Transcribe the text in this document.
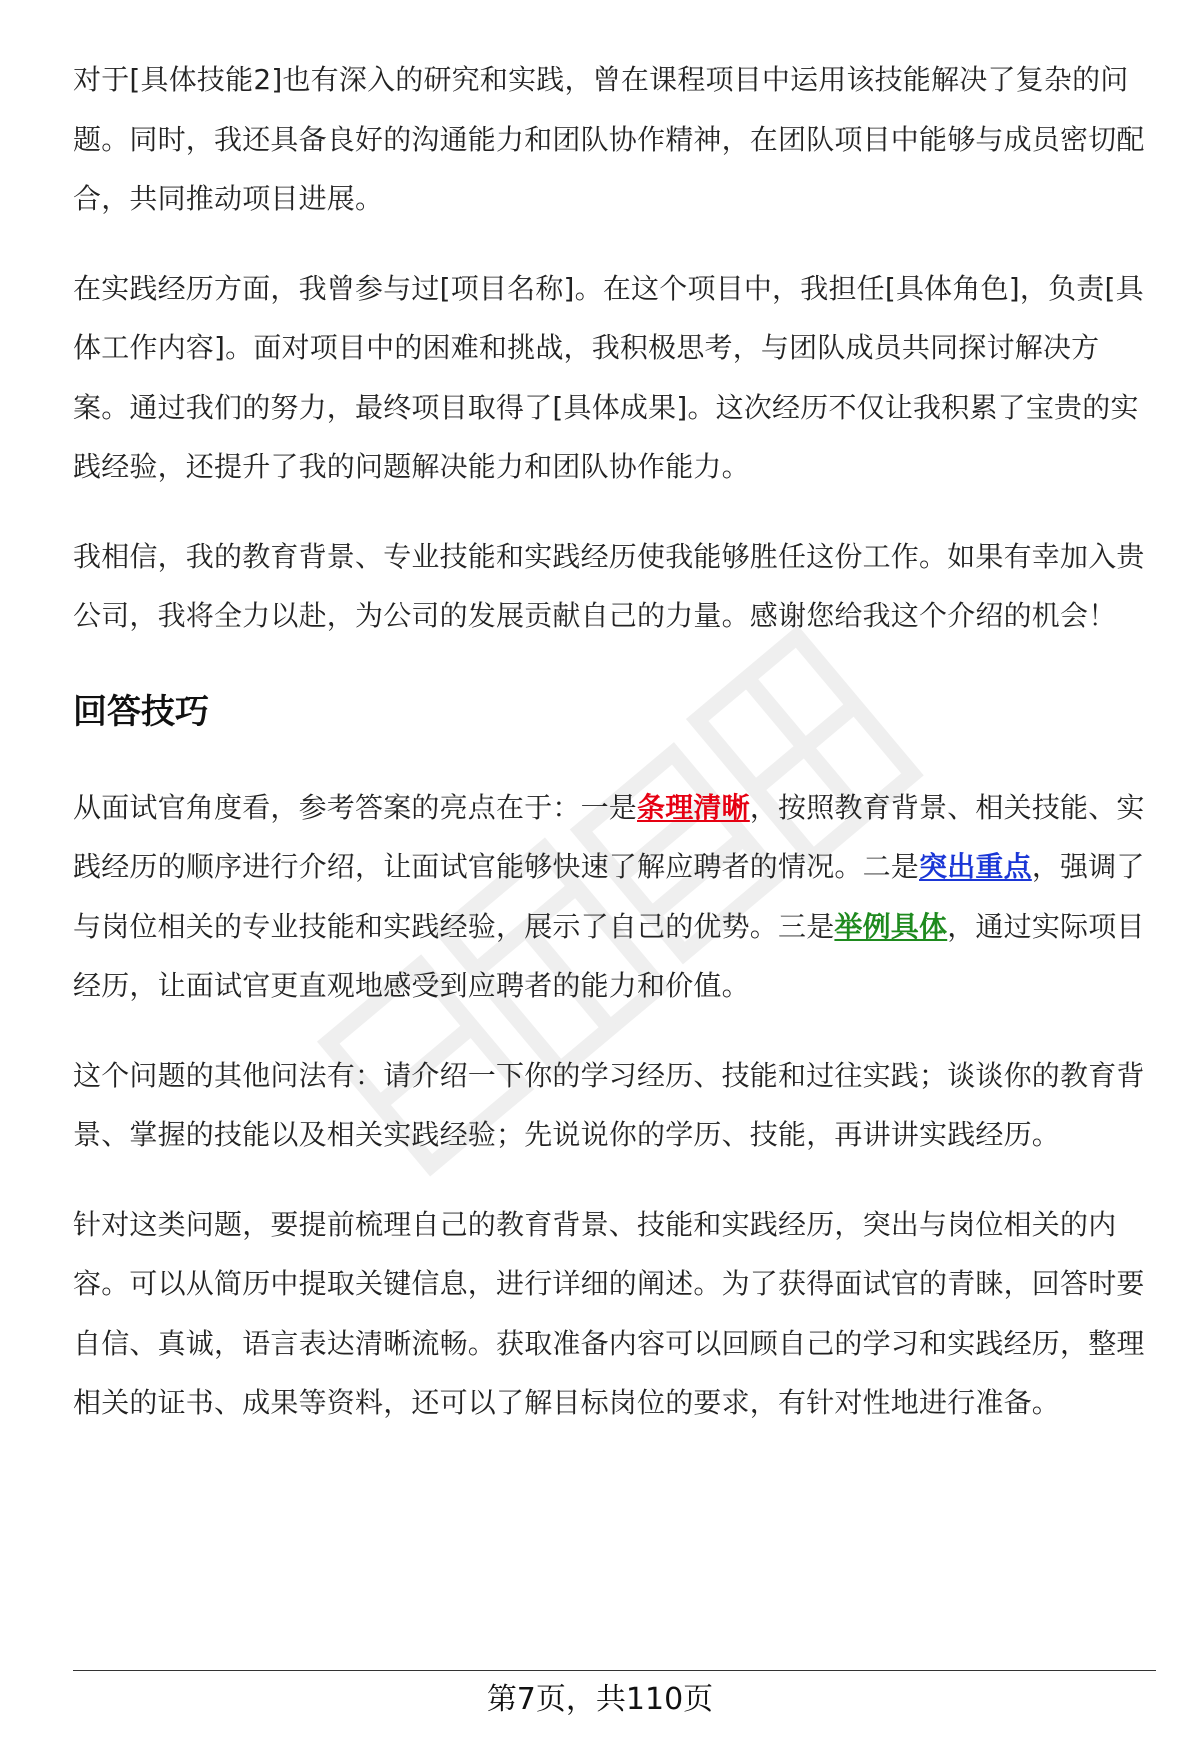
对于[具体技能2]也有深入的研究和实践，曾在课程项目中运用该技能解决了复杂的问题。同时，我还具备良好的沟通能力和团队协作精神，在团队项目中能够与成员密切配合，共同推动项目进展。

在实践经历方面，我曾参与过[项目名称]。在这个项目中，我担任[具体角色]，负责[具体工作内容]。面对项目中的困难和挑战，我积极思考，与团队成员共同探讨解决方案。通过我们的努力，最终项目取得了[具体成果]。这次经历不仅让我积累了宝贵的实践经验，还提升了我的问题解决能力和团队协作能力。

我相信，我的教育背景、专业技能和实践经历使我能够胜任这份工作。如果有幸加入贵公司，我将全力以赴，为公司的发展贡献自己的力量。感谢您给我这个介绍的机会！

回答技巧

从面试官角度看，参考答案的亮点在于：一是条理清晰，按照教育背景、相关技能、实践经历的顺序进行介绍，让面试官能够快速了解应聘者的情况。二是突出重点，强调了与岗位相关的专业技能和实践经验，展示了自己的优势。三是举例具体，通过实际项目经历，让面试官更直观地感受到应聘者的能力和价值。

这个问题的其他问法有：请介绍一下你的学习经历、技能和过往实践；谈谈你的教育背景、掌握的技能以及相关实践经验；先说说你的学历、技能，再讲讲实践经历。

针对这类问题，要提前梳理自己的教育背景、技能和实践经历，突出与岗位相关的内容。可以从简历中提取关键信息，进行详细的阐述。为了获得面试官的青睐，回答时要自信、真诚，语言表达清晰流畅。获取准备内容可以回顾自己的学习和实践经历，整理相关的证书、成果等资料，还可以了解目标岗位的要求，有针对性地进行准备。

第7页，共110页
